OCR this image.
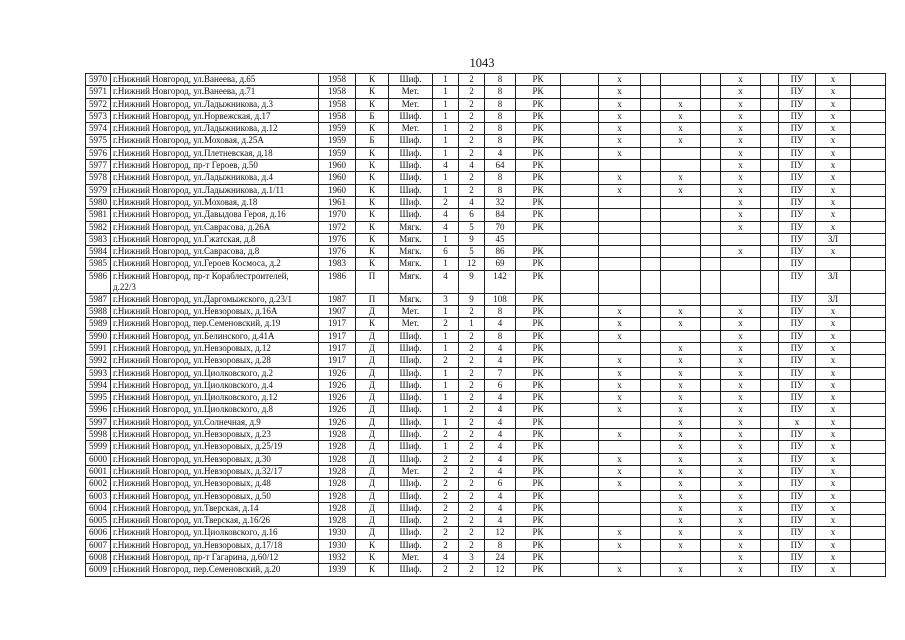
1043
5970	г.Нижний Новгород, ул.Ванеева, д.65	1958	К	Шиф.	1	2	8	РК		х				х		ПУ	х	
5971	г.Нижний Новгород, ул.Ванеева, д.71	1958	К	Мет.	1	2	8	РК		х				х		ПУ	х	
5972	г.Нижний Новгород, ул.Ладыжникова, д.3	1958	К	Мет.	1	2	8	РК		х		х		х		ПУ	х	
5973	г.Нижний Новгород, ул.Норвежская, д.17	1958	Б	Шиф.	1	2	8	РК		х		х		х		ПУ	х	
5974	г.Нижний Новгород, ул.Ладыжникова, д.12	1959	К	Мет.	1	2	8	РК		х		х		х		ПУ	х	
5975	г.Нижний Новгород, ул.Моховая, д.25А	1959	Б	Шиф.	1	2	8	РК		х		х		х		ПУ	х	
5976	г.Нижний Новгород, ул.Плетневская, д.18	1959	К	Шиф.	1	2	4	РК		х				х		ПУ	х	
5977	г.Нижний Новгород, пр-т Героев, д.50	1960	К	Шиф.	4	4	64	РК						х		ПУ	х	
5978	г.Нижний Новгород, ул.Ладыжникова, д.4	1960	К	Шиф.	1	2	8	РК		х		х		х		ПУ	х	
5979	г.Нижний Новгород, ул.Ладыжникова, д.1/11	1960	К	Шиф.	1	2	8	РК		х		х		х		ПУ	х	
5980	г.Нижний Новгород, ул.Моховая, д.18	1961	К	Шиф.	2	4	32	РК						х		ПУ	х	
5981	г.Нижний Новгород, ул.Давыдова Героя, д.16	1970	К	Шиф.	4	6	84	РК						х		ПУ	х	
5982	г.Нижний Новгород, ул.Саврасова, д.26А	1972	К	Мягк.	4	5	70	РК						х		ПУ	х	
5983	г.Нижний Новгород, ул.Гжатская, д.8	1976	К	Мягк.	1	9	45									ПУ	ЗЛ	
5984	г.Нижний Новгород, ул.Саврасова, д.8	1976	К	Мягк.	6	5	86	РК						х		ПУ	х	
5985	г.Нижний Новгород, ул.Героев Космоса, д.2	1983	К	Мягк.	1	12	69	РК								ПУ		
5986	г.Нижний Новгород, пр-т Кораблестроителей,
д.22/3	1986	П	Мягк.	4	9	142	РК								ПУ	ЗЛ	
5987	г.Нижний Новгород, ул.Даргомыжского, д.23/1	1987	П	Мягк.	3	9	108	РК								ПУ	ЗЛ	
5988	г.Нижний Новгород, ул.Невзоровых, д.16А	1907	Д	Мет.	1	2	8	РК		х		х		х		ПУ	х	
5989	г.Нижний Новгород, пер.Семеновский, д.19	1917	К	Мет.	2	1	4	РК		х		х		х		ПУ	х	
5990	г.Нижний Новгород, ул.Белинского, д.41А	1917	Д	Шиф.	1	2	8	РК		х				х		ПУ	х	
5991	г.Нижний Новгород, ул.Невзоровых, д.12	1917	Д	Шиф.	1	2	4	РК				х		х		ПУ	х	
5992	г.Нижний Новгород, ул.Невзоровых, д.28	1917	Д	Шиф.	2	2	4	РК		х		х		х		ПУ	х	
5993	г.Нижний Новгород, ул.Циолковского, д.2	1926	Д	Шиф.	1	2	7	РК		х		х		х		ПУ	х	
5994	г.Нижний Новгород, ул.Циолковского, д.4	1926	Д	Шиф.	1	2	6	РК		х		х		х		ПУ	х	
5995	г.Нижний Новгород, ул.Циолковского, д.12	1926	Д	Шиф.	1	2	4	РК		х		х		х		ПУ	х	
5996	г.Нижний Новгород, ул.Циолковского, д.8	1926	Д	Шиф.	1	2	4	РК		х		х		х		ПУ	х	
5997	г.Нижний Новгород, ул.Солнечная, д.9	1926	Д	Шиф.	1	2	4	РК				х		х		х	х	
5998	г.Нижний Новгород, ул.Невзоровых, д.23	1928	Д	Шиф.	2	2	4	РК		х		х		х		ПУ	х	
5999	г.Нижний Новгород, ул.Невзоровых, д.25/19	1928	Д	Шиф.	1	2	4	РК				х		х		ПУ	х	
6000	г.Нижний Новгород, ул.Невзоровых, д.30	1928	Д	Шиф.	2	2	4	РК		х		х		х		ПУ	х	
6001	г.Нижний Новгород, ул.Невзоровых, д.32/17	1928	Д	Мет.	2	2	4	РК		х		х		х		ПУ	х	
6002	г.Нижний Новгород, ул.Невзоровых, д.48	1928	Д	Шиф.	2	2	6	РК		х		х		х		ПУ	х	
6003	г.Нижний Новгород, ул.Невзоровых, д.50	1928	Д	Шиф.	2	2	4	РК				х		х		ПУ	х	
6004	г.Нижний Новгород, ул.Тверская, д.14	1928	Д	Шиф.	2	2	4	РК				х		х		ПУ	х	
6005	г.Нижний Новгород, ул.Тверская, д.16/26	1928	Д	Шиф.	2	2	4	РК				х		х		ПУ	х	
6006	г.Нижний Новгород, ул.Циолковского, д.16	1930	Д	Шиф.	2	2	12	РК		х		х		х		ПУ	х	
6007	г.Нижний Новгород, ул.Невзоровых, д.17/18	1930	К	Шиф.	2	2	8	РК		х		х		х		ПУ	х	
6008	г.Нижний Новгород, пр-т Гагарина, д.60/12	1932	К	Мет.	4	3	24	РК						х		ПУ	х	
6009	г.Нижний Новгород, пер.Семеновский, д.20	1939	К	Шиф.	2	2	12	РК		х		х		х		ПУ	х	
